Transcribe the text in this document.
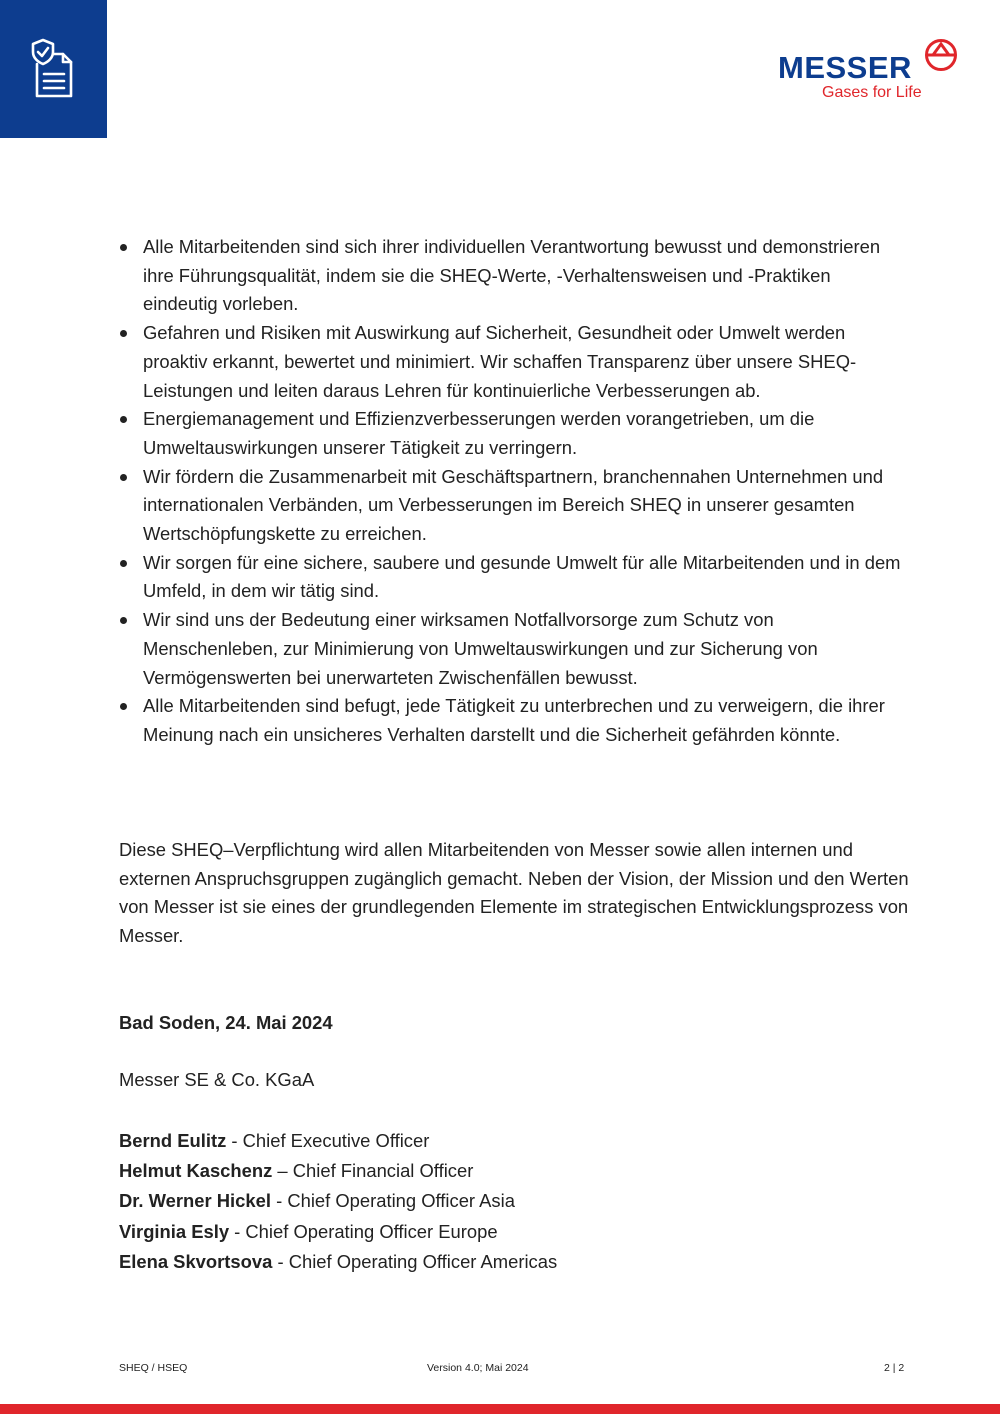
MESSER
Gases for Life
Alle Mitarbeitenden sind sich ihrer individuellen Verantwortung bewusst und demonstrieren ihre Führungsqualität, indem sie die SHEQ-Werte, -Verhaltensweisen und -Praktiken eindeutig vorleben.
Gefahren und Risiken mit Auswirkung auf Sicherheit, Gesundheit oder Umwelt werden proaktiv erkannt, bewertet und minimiert. Wir schaffen Transparenz über unsere SHEQ-Leistungen und leiten daraus Lehren für kontinuierliche Verbesserungen ab.
Energiemanagement und Effizienzverbesserungen werden vorangetrieben, um die Umweltauswirkungen unserer Tätigkeit zu verringern.
Wir fördern die Zusammenarbeit mit Geschäftspartnern, branchennahen Unternehmen und internationalen Verbänden, um Verbesserungen im Bereich SHEQ in unserer gesamten Wertschöpfungskette zu erreichen.
Wir sorgen für eine sichere, saubere und gesunde Umwelt für alle Mitarbeitenden und in dem Umfeld, in dem wir tätig sind.
Wir sind uns der Bedeutung einer wirksamen Notfallvorsorge zum Schutz von Menschenleben, zur Minimierung von Umweltauswirkungen und zur Sicherung von Vermögenswerten bei unerwarteten Zwischenfällen bewusst.
Alle Mitarbeitenden sind befugt, jede Tätigkeit zu unterbrechen und zu verweigern, die ihrer Meinung nach ein unsicheres Verhalten darstellt und die Sicherheit gefährden könnte.

Diese SHEQ–Verpflichtung wird allen Mitarbeitenden von Messer sowie allen internen und externen Anspruchsgruppen zugänglich gemacht. Neben der Vision, der Mission und den Werten von Messer ist sie eines der grundlegenden Elemente im strategischen Entwicklungsprozess von Messer.

Bad Soden, 24. Mai 2024
Messer SE & Co. KGaA
Bernd Eulitz - Chief Executive Officer
Helmut Kaschenz – Chief Financial Officer
Dr. Werner Hickel - Chief Operating Officer Asia
Virginia Esly - Chief Operating Officer Europe
Elena Skvortsova - Chief Operating Officer Americas
SHEQ / HSEQ	Version 4.0; Mai 2024	2 | 2
